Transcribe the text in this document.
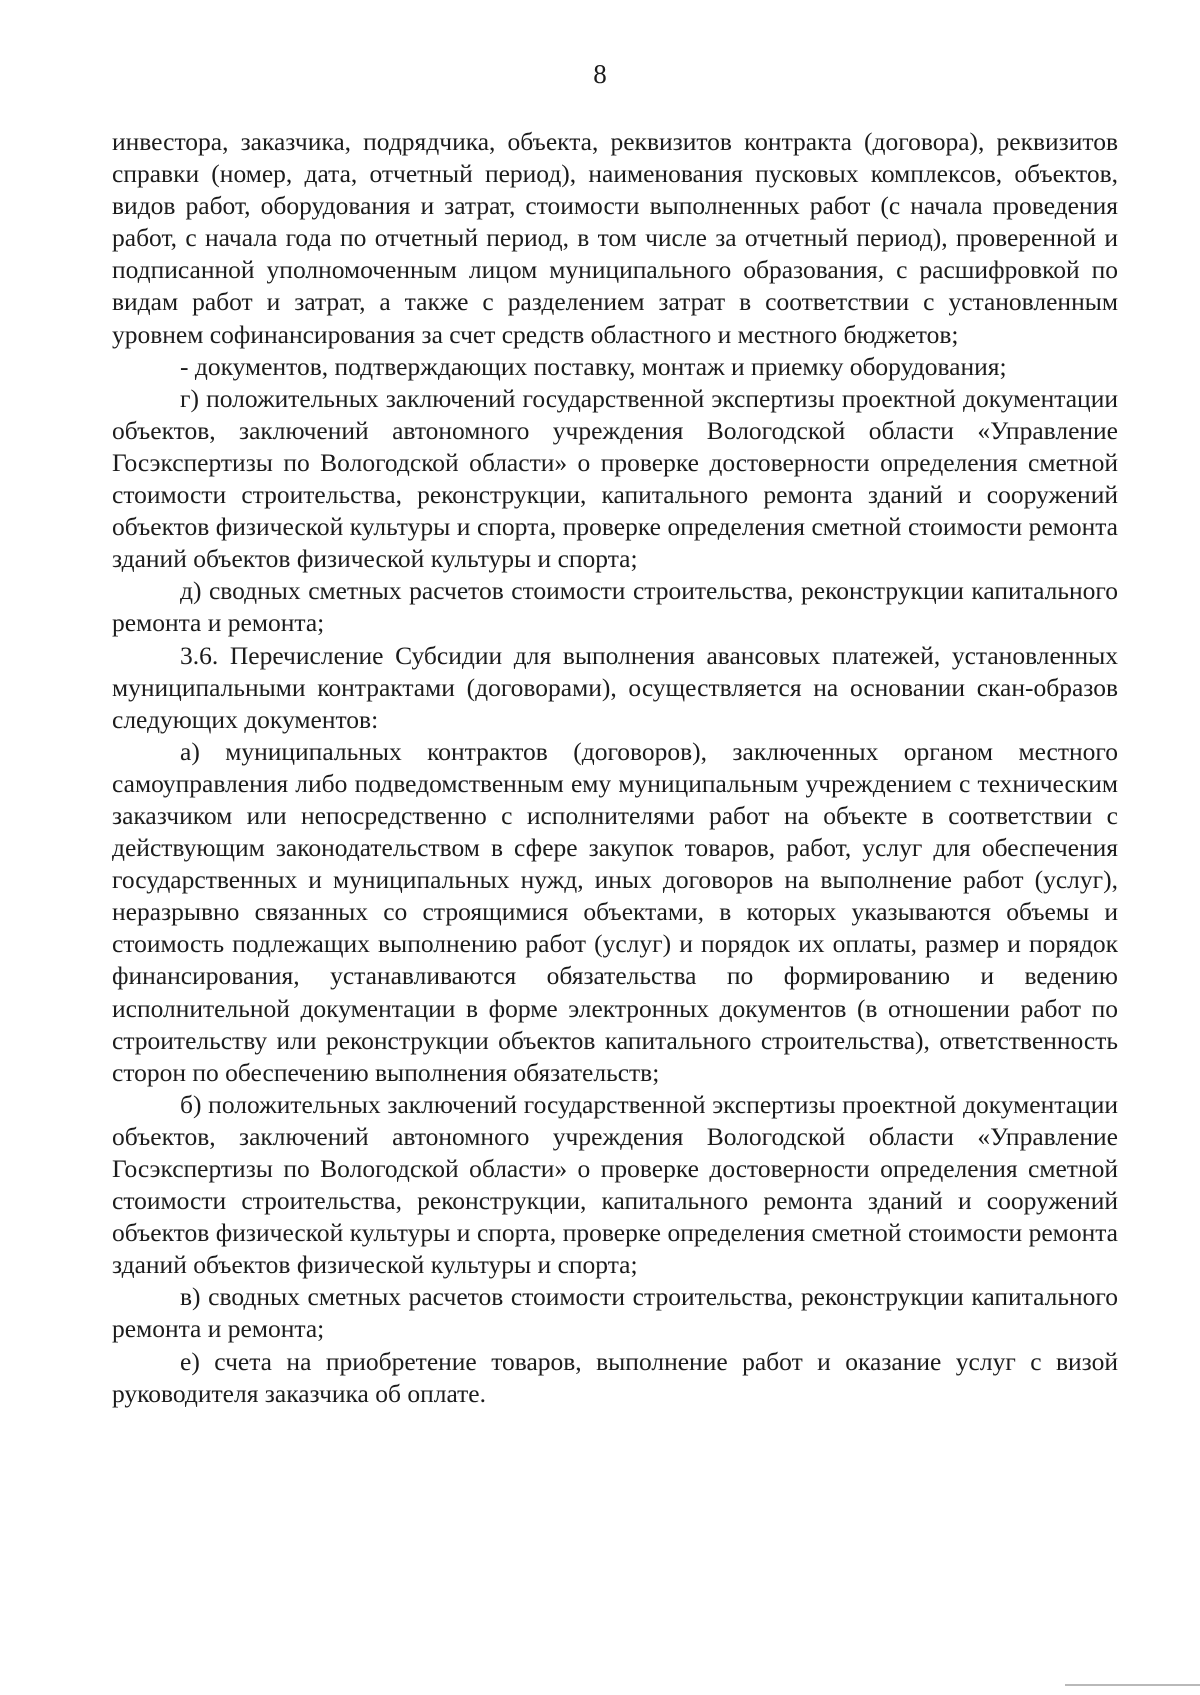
8

инвестора, заказчика, подрядчика, объекта, реквизитов контракта (договора), реквизитов справки (номер, дата, отчетный период), наименования пусковых комплексов, объектов, видов работ, оборудования и затрат, стоимости выполненных работ (с начала проведения работ, с начала года по отчетный период, в том числе за отчетный период), проверенной и подписанной уполномоченным лицом муниципального образования, с расшифровкой по видам работ и затрат, а также с разделением затрат в соответствии с установленным уровнем софинансирования за счет средств областного и местного бюджетов;

- документов, подтверждающих поставку, монтаж и приемку оборудования;

г) положительных заключений государственной экспертизы проектной документации объектов, заключений автономного учреждения Вологодской области «Управление Госэкспертизы по Вологодской области» о проверке достоверности определения сметной стоимости строительства, реконструкции, капитального ремонта зданий и сооружений объектов физической культуры и спорта, проверке определения сметной стоимости ремонта зданий объектов физической культуры и спорта;

д) сводных сметных расчетов стоимости строительства, реконструкции капитального ремонта и ремонта;

3.6. Перечисление Субсидии для выполнения авансовых платежей, установленных муниципальными контрактами (договорами), осуществляется на основании скан-образов следующих документов:

а) муниципальных контрактов (договоров), заключенных органом местного самоуправления либо подведомственным ему муниципальным учреждением с техническим заказчиком или непосредственно с исполнителями работ на объекте в соответствии с действующим законодательством в сфере закупок товаров, работ, услуг для обеспечения государственных и муниципальных нужд, иных договоров на выполнение работ (услуг), неразрывно связанных со строящимися объектами, в которых указываются объемы и стоимость подлежащих выполнению работ (услуг) и порядок их оплаты, размер и порядок финансирования, устанавливаются обязательства по формированию и ведению исполнительной документации в форме электронных документов (в отношении работ по строительству или реконструкции объектов капитального строительства), ответственность сторон по обеспечению выполнения обязательств;

б) положительных заключений государственной экспертизы проектной документации объектов, заключений автономного учреждения Вологодской области «Управление Госэкспертизы по Вологодской области» о проверке достоверности определения сметной стоимости строительства, реконструкции, капитального ремонта зданий и сооружений объектов физической культуры и спорта, проверке определения сметной стоимости ремонта зданий объектов физической культуры и спорта;

в) сводных сметных расчетов стоимости строительства, реконструкции капитального ремонта и ремонта;

е) счета на приобретение товаров, выполнение работ и оказание услуг с визой руководителя заказчика об оплате.
